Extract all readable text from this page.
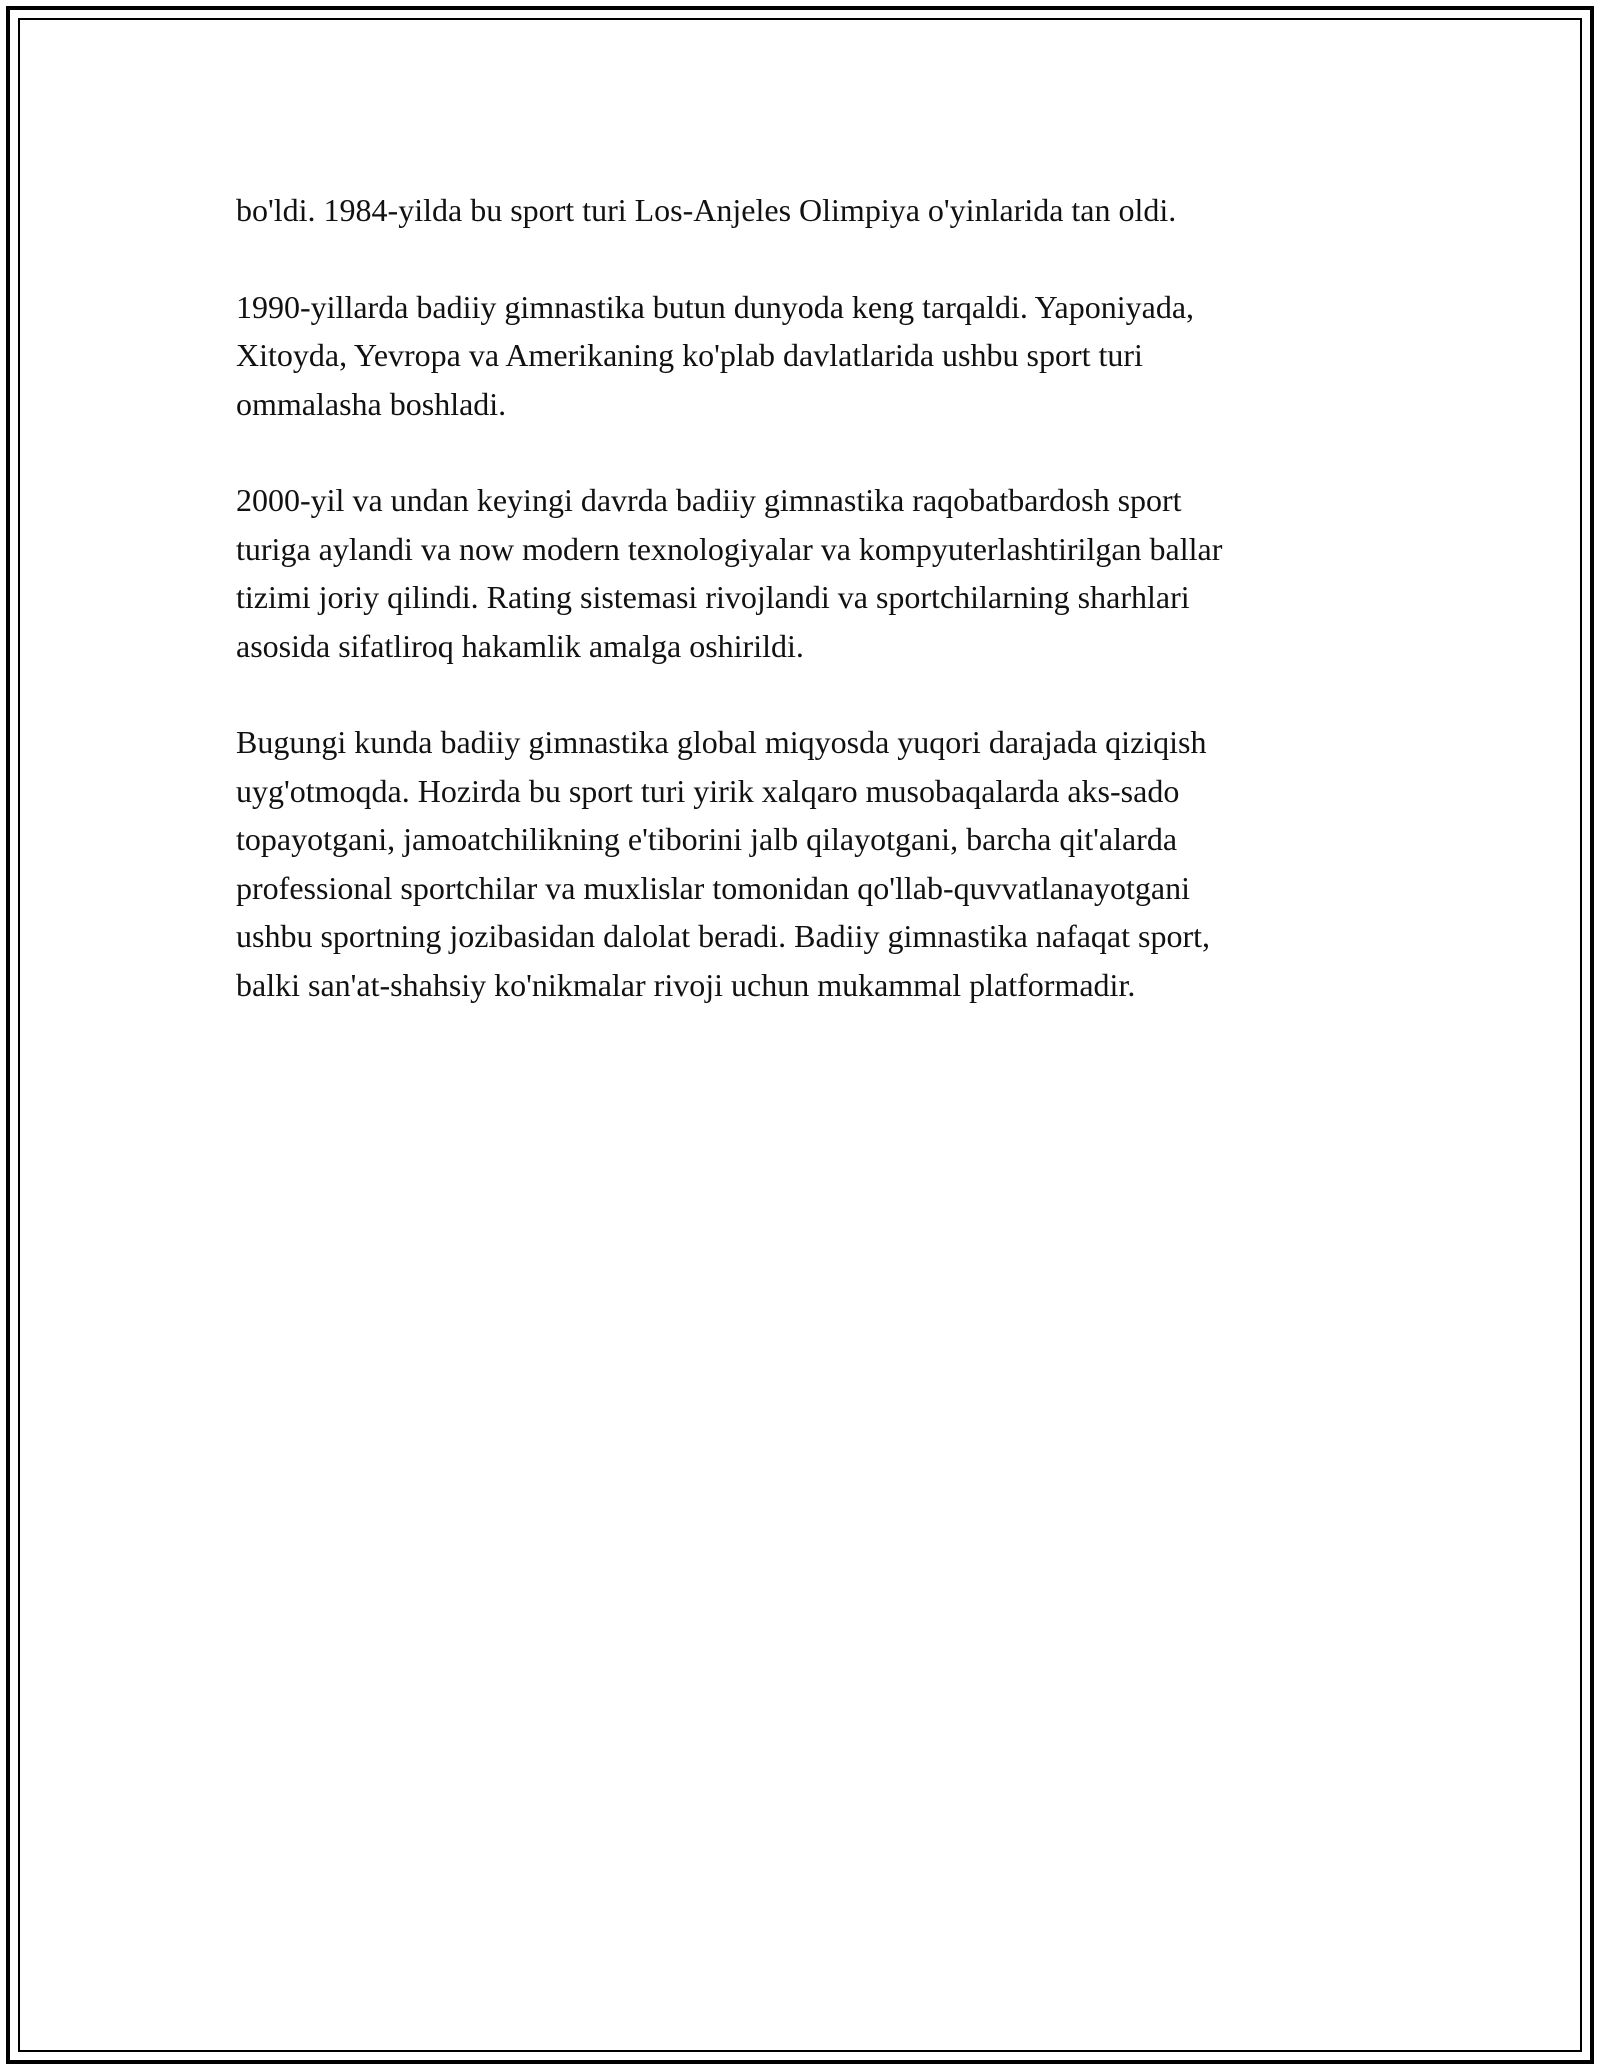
bo'ldi. 1984-yilda bu sport turi Los-Anjeles Olimpiya o'yinlarida tan oldi.

1990-yillarda badiiy gimnastika butun dunyoda keng tarqaldi. Yaponiyada,
Xitoyda, Yevropa va Amerikaning ko'plab davlatlarida ushbu sport turi
ommalasha boshladi.

2000-yil va undan keyingi davrda badiiy gimnastika raqobatbardosh sport
turiga aylandi va now modern texnologiyalar va kompyuterlashtirilgan ballar
tizimi joriy qilindi. Rating sistemasi rivojlandi va sportchilarning sharhlari
asosida sifatliroq hakamlik amalga oshirildi.

Bugungi kunda badiiy gimnastika global miqyosda yuqori darajada qiziqish
uyg'otmoqda. Hozirda bu sport turi yirik xalqaro musobaqalarda aks-sado
topayotgani, jamoatchilikning e'tiborini jalb qilayotgani, barcha qit'alarda
professional sportchilar va muxlislar tomonidan qo'llab-quvvatlanayotgani
ushbu sportning jozibasidan dalolat beradi. Badiiy gimnastika nafaqat sport,
balki san'at-shahsiy ko'nikmalar rivoji uchun mukammal platformadir.
